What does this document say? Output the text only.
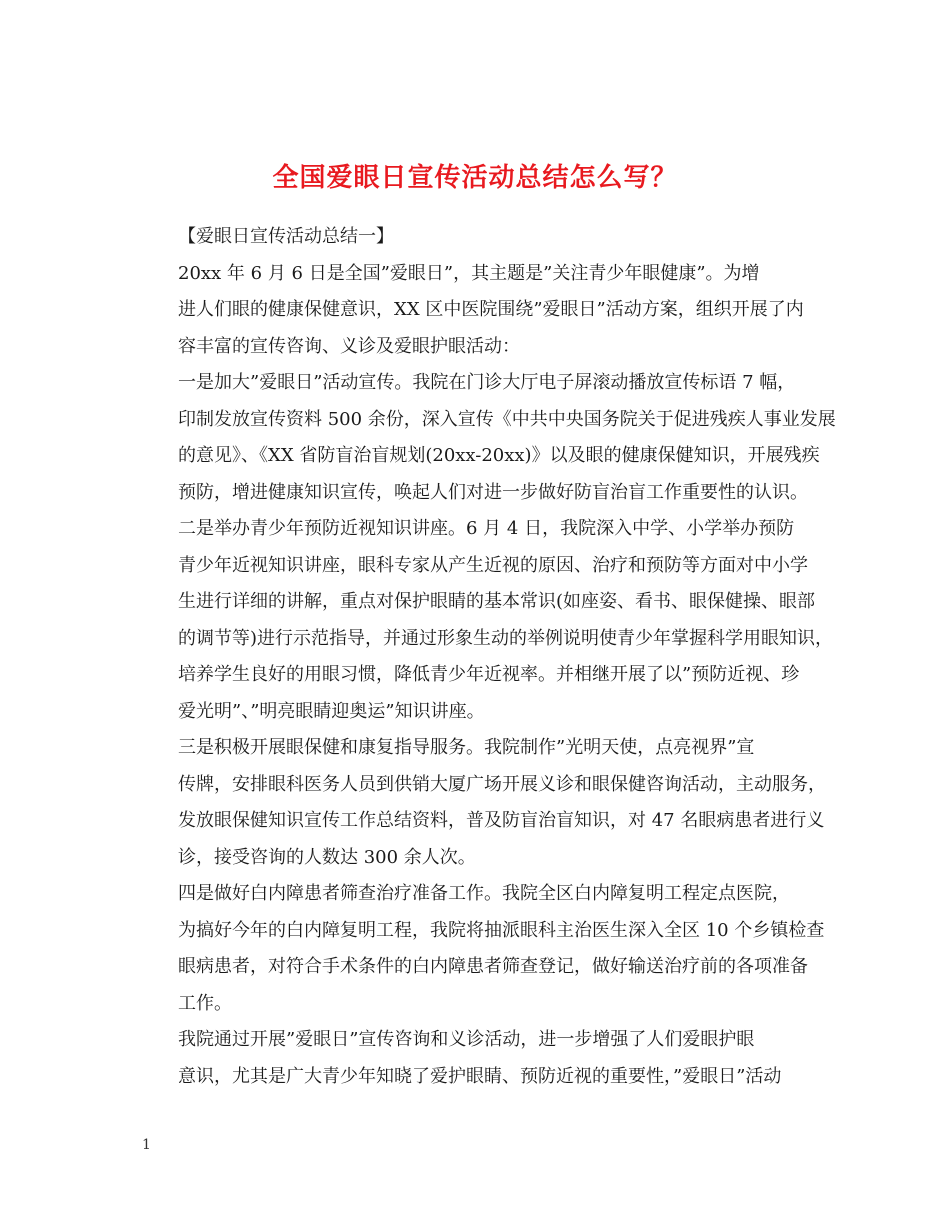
全国爱眼日宣传活动总结怎么写？

【爱眼日宣传活动总结一】

20xx 年 6 月 6 日是全国”爱眼日”，其主题是”关注青少年眼健康”。为增
进人们眼的健康保健意识，XX 区中医院围绕”爱眼日”活动方案，组织开展了内
容丰富的宣传咨询、义诊及爱眼护眼活动：

一是加大”爱眼日”活动宣传。我院在门诊大厅电子屏滚动播放宣传标语 7 幅，
印制发放宣传资料 500 余份，深入宣传《中共中央国务院关于促进残疾人事业发展
的意见》、《XX 省防盲治盲规划(20xx-20xx)》以及眼的健康保健知识，开展残疾
预防，增进健康知识宣传，唤起人们对进一步做好防盲治盲工作重要性的认识。

二是举办青少年预防近视知识讲座。6 月 4 日，我院深入中学、小学举办预防
青少年近视知识讲座，眼科专家从产生近视的原因、治疗和预防等方面对中小学
生进行详细的讲解，重点对保护眼睛的基本常识(如座姿、看书、眼保健操、眼部
的调节等)进行示范指导，并通过形象生动的举例说明使青少年掌握科学用眼知识，
培养学生良好的用眼习惯，降低青少年近视率。并相继开展了以”预防近视、珍
爱光明”、”明亮眼睛迎奥运”知识讲座。

三是积极开展眼保健和康复指导服务。我院制作”光明天使，点亮视界”宣
传牌，安排眼科医务人员到供销大厦广场开展义诊和眼保健咨询活动，主动服务，
发放眼保健知识宣传工作总结资料，普及防盲治盲知识，对 47 名眼病患者进行义
诊，接受咨询的人数达 300 余人次。

四是做好白内障患者筛查治疗准备工作。我院全区白内障复明工程定点医院，
为搞好今年的白内障复明工程，我院将抽派眼科主治医生深入全区 10 个乡镇检查
眼病患者，对符合手术条件的白内障患者筛查登记，做好输送治疗前的各项准备
工作。

我院通过开展”爱眼日”宣传咨询和义诊活动，进一步增强了人们爱眼护眼
意识，尤其是广大青少年知晓了爱护眼睛、预防近视的重要性，”爱眼日”活动

1
